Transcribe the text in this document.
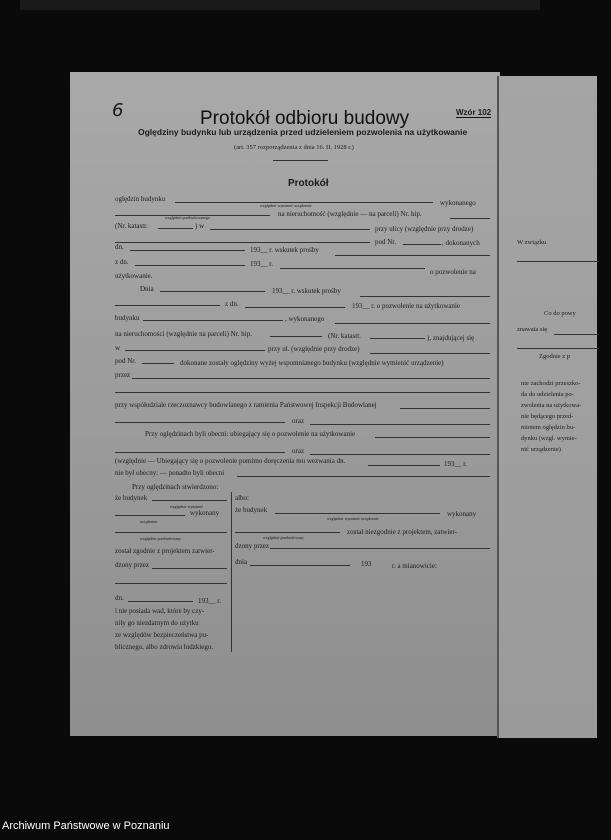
6	Wzór 102
Protokół odbioru budowy
Oględziny budynku lub urządzenia przed udzieleniem pozwolenia na użytkowanie
(art. 357 rozporządzenia z dnia 16. II. 1928 r.)
Protokół
oględzin budynku	wykonanego
względnie wymienić urządzenie
na nieruchomość (względnie — na parceli) Nr. hip.
względnie przebudowanego
(Nr. katastr.	) w	przy ulicy (względnie przy drodze)
pod Nr.	, dokonanych
dn.	193__ r. wskutek prośby
z dn.	193__ r.
o pozwolenie na
użytkowanie.
Dnia	193__ r. wskutek prośby
z dn.	193__ r. o pozwolenie na użytkowanie
budynku	, wykonanego
na nieruchomości (względnie na parceli) Nr. hip.	(Nr. katastr.	), znajdującej się
w	przy ul. (względnie przy drodze)
pod Nr.	dokonane zostały oględziny wyżej wspomnianego budynku (względnie wymienić urządzenie)
przez
przy współudziale rzeczoznawcy budowlanego z ramienia Państwowej Inspekcji Budowlanej
oraz
Przy oględzinach byli obecni: ubiegający się o pozwolenie na użytkowanie
oraz
(względnie — Ubiegający się o pozwolenie pomimo doręczenia mu wezwania dn.	193__ r.
nie był obecny: — ponadto byli obecni
Przy oględzinach stwierdzono:
że budynek
względnie wymienić
wykonany
urządzenie
względnie przebudowany
został zgodnie z projektem zatwier-
dzony przez
dn.	193__ r.
i nie posiada wad, które by czy-
niły go niezdatnym do użytku
ze względów bezpieczeństwa pu-
blicznego, albo zdrowia ludzkiego.
albo:
że budynek
względnie wymienić urządzenie
wykonany
względnie przebudowany
został niezgodnie z projektem, zatwier-
dzony przez
dnia	193	r. a mianowicie:
W związku
Co do powy
znawaia się
Zgodnie z p
nie zachodzi przeszko-
da do udzielenia po-
zwolenia na użytkowa-
nie będącego przed-
miotem oględzin bu-
dynku (wzgl. wymie-
nić urządzenie)
Archiwum Państwowe w Poznaniu
